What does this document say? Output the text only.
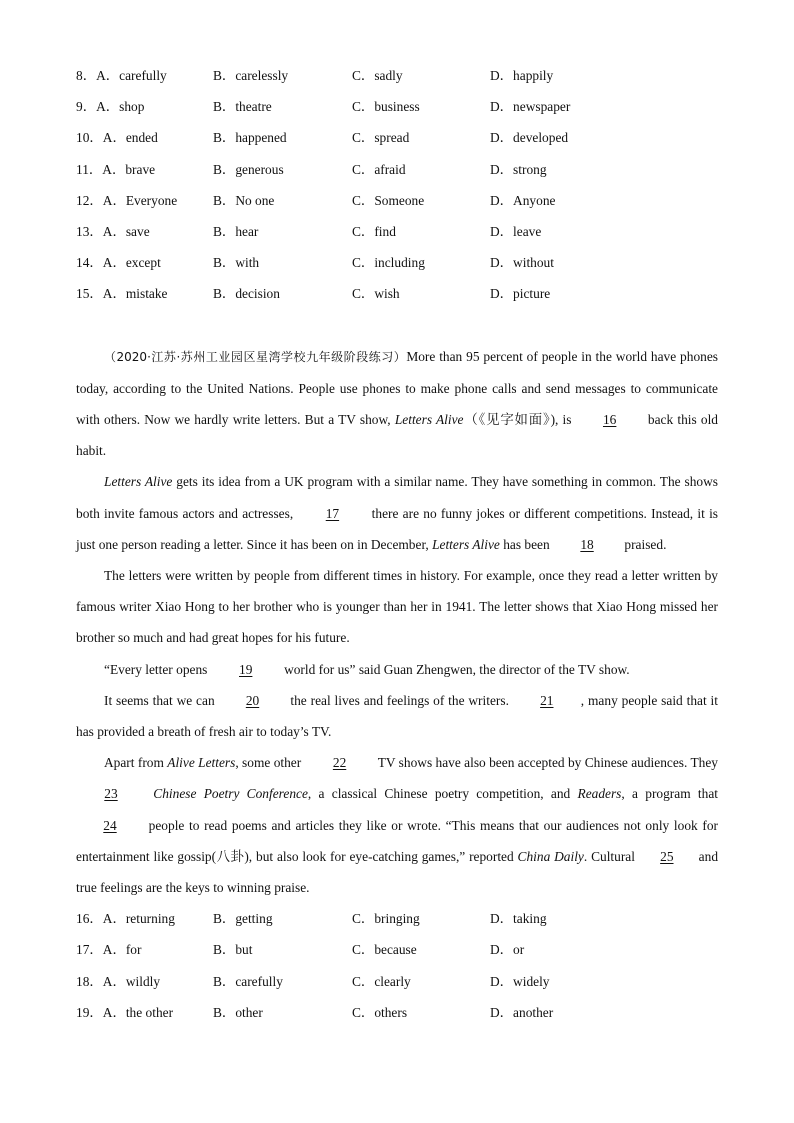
8．A．carefully	B．carelessly	C．sadly	D．happily
9．A．shop	B．theatre	C．business	D．newspaper
10．A．ended	B．happened	C．spread	D．developed
11．A．brave	B．generous	C．afraid	D．strong
12．A．Everyone	B．No one	C．Someone	D．Anyone
13．A．save	B．hear	C．find	D．leave
14．A．except	B．with	C．including	D．without
15．A．mistake	B．decision	C．wish	D．picture

（2020·江苏·苏州工业园区星湾学校九年级阶段练习）More than 95 percent of people in the world have phones today, according to the United Nations. People use phones to make phone calls and send messages to communicate with others. Now we hardly write letters. But a TV show, Letters Alive（《见字如面》), is 16 back this old habit.

Letters Alive gets its idea from a UK program with a similar name. They have something in common. The shows both invite famous actors and actresses, 17 there are no funny jokes or different competitions. Instead, it is just one person reading a letter. Since it has been on in December, Letters Alive has been 18 praised.

The letters were written by people from different times in history. For example, once they read a letter written by famous writer Xiao Hong to her brother who is younger than her in 1941. The letter shows that Xiao Hong missed her brother so much and had great hopes for his future.

“Every letter opens 19 world for us” said Guan Zhengwen, the director of the TV show.

It seems that we can 20 the real lives and feelings of the writers. 21 , many people said that it has provided a breath of fresh air to today’s TV.

Apart from Alive Letters, some other 22 TV shows have also been accepted by Chinese audiences. They 23	Chinese Poetry Conference, a classical Chinese poetry competition, and Readers, a program that 24 people to read poems and articles they like or wrote. “This means that our audiences not only look for entertainment like gossip(八卦), but also look for eye-catching games,” reported China Daily. Cultural 25 and true feelings are the keys to winning praise.

16．A．returning	B．getting	C．bringing	D．taking
17．A．for	B．but	C．because	D．or
18．A．wildly	B．carefully	C．clearly	D．widely
19．A．the other	B．other	C．others	D．another
